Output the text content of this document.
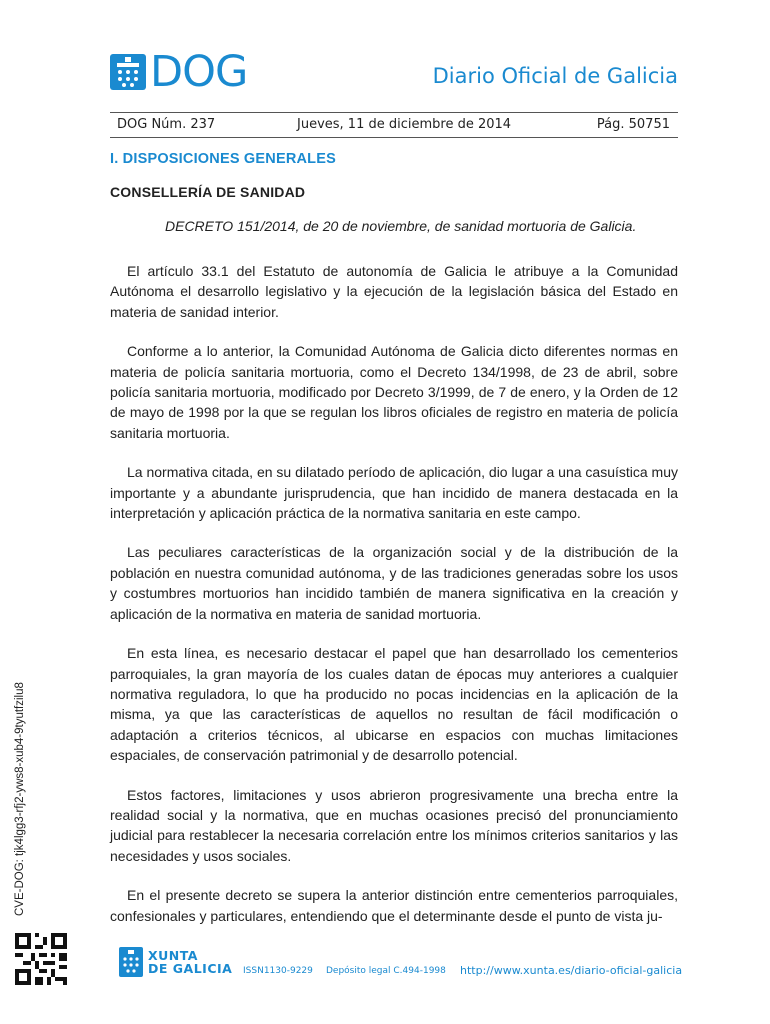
DOG	Diario Oficial de Galicia
DOG Núm. 237	Jueves, 11 de diciembre de 2014	Pág. 50751
I. DISPOSICIONES GENERALES
CONSELLERÍA DE SANIDAD
DECRETO 151/2014, de 20 de noviembre, de sanidad mortuoria de Galicia.

El artículo 33.1 del Estatuto de autonomía de Galicia le atribuye a la Comunidad Autónoma el desarrollo legislativo y la ejecución de la legislación básica del Estado en materia de sanidad interior.

Conforme a lo anterior, la Comunidad Autónoma de Galicia dicto diferentes normas en materia de policía sanitaria mortuoria, como el Decreto 134/1998, de 23 de abril, sobre policía sanitaria mortuoria, modificado por Decreto 3/1999, de 7 de enero, y la Orden de 12 de mayo de 1998 por la que se regulan los libros oficiales de registro en materia de policía sanitaria mortuoria.

La normativa citada, en su dilatado período de aplicación, dio lugar a una casuística muy importante y a abundante jurisprudencia, que han incidido de manera destacada en la interpretación y aplicación práctica de la normativa sanitaria en este campo.

Las peculiares características de la organización social y de la distribución de la población en nuestra comunidad autónoma, y de las tradiciones generadas sobre los usos y costumbres mortuorios han incidido también de manera significativa en la creación y aplicación de la normativa en materia de sanidad mortuoria.

En esta línea, es necesario destacar el papel que han desarrollado los cementerios parroquiales, la gran mayoría de los cuales datan de épocas muy anteriores a cualquier normativa reguladora, lo que ha producido no pocas incidencias en la aplicación de la misma, ya que las características de aquellos no resultan de fácil modificación o adaptación a criterios técnicos, al ubicarse en espacios con muchas limitaciones espaciales, de conservación patrimonial y de desarrollo potencial.

Estos factores, limitaciones y usos abrieron progresivamente una brecha entre la realidad social y la normativa, que en muchas ocasiones precisó del pronunciamiento judicial para restablecer la necesaria correlación entre los mínimos criterios sanitarios y las necesidades y usos sociales.

En el presente decreto se supera la anterior distinción entre cementerios parroquiales, confesionales y particulares, entendiendo que el determinante desde el punto de vista ju-

CVE-DOG: tjk4lgg3-rfj2-yws8-xub4-9tyutfzilu8
XUNTA
DE GALICIA ISSN1130-9229 Depósito legal C.494-1998 http://www.xunta.es/diario-oficial-galicia
